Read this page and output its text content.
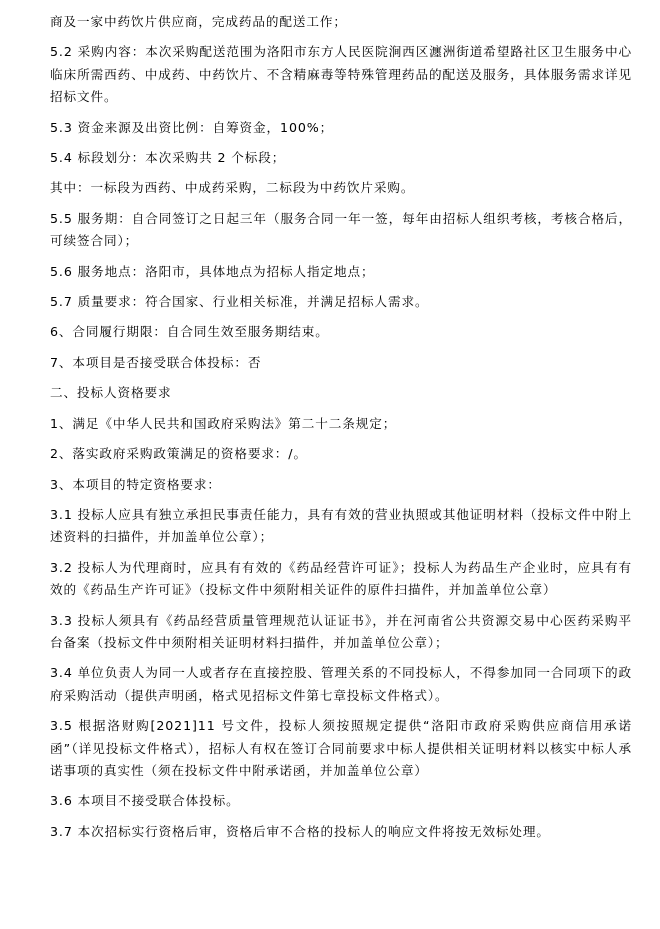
商及一家中药饮片供应商，完成药品的配送工作；

5.2 采购内容：本次采购配送范围为洛阳市东方人民医院涧西区瀍洲街道希望路社区卫生服务中心临床所需西药、中成药、中药饮片、不含精麻毒等特殊管理药品的配送及服务，具体服务需求详见招标文件。

5.3 资金来源及出资比例：自筹资金，100%；

5.4 标段划分：本次采购共 2 个标段；

其中：一标段为西药、中成药采购，二标段为中药饮片采购。

5.5 服务期：自合同签订之日起三年（服务合同一年一签，每年由招标人组织考核，考核合格后，可续签合同）；

5.6 服务地点：洛阳市，具体地点为招标人指定地点；

5.7 质量要求：符合国家、行业相关标准，并满足招标人需求。

6、合同履行期限：自合同生效至服务期结束。

7、本项目是否接受联合体投标：否

二、投标人资格要求

1、满足《中华人民共和国政府采购法》第二十二条规定；

2、落实政府采购政策满足的资格要求：/。

3、本项目的特定资格要求：

3.1 投标人应具有独立承担民事责任能力，具有有效的营业执照或其他证明材料（投标文件中附上述资料的扫描件，并加盖单位公章）；

3.2 投标人为代理商时，应具有有效的《药品经营许可证》；投标人为药品生产企业时，应具有有效的《药品生产许可证》（投标文件中须附相关证件的原件扫描件，并加盖单位公章）

3.3 投标人须具有《药品经营质量管理规范认证证书》，并在河南省公共资源交易中心医药采购平台备案（投标文件中须附相关证明材料扫描件，并加盖单位公章）；

3.4 单位负责人为同一人或者存在直接控股、管理关系的不同投标人，不得参加同一合同项下的政府采购活动（提供声明函，格式见招标文件第七章投标文件格式）。

3.5 根据洛财购[2021]11 号文件，投标人须按照规定提供“洛阳市政府采购供应商信用承诺函”（详见投标文件格式），招标人有权在签订合同前要求中标人提供相关证明材料以核实中标人承诺事项的真实性（须在投标文件中附承诺函，并加盖单位公章）

3.6 本项目不接受联合体投标。

3.7 本次招标实行资格后审，资格后审不合格的投标人的响应文件将按无效标处理。
